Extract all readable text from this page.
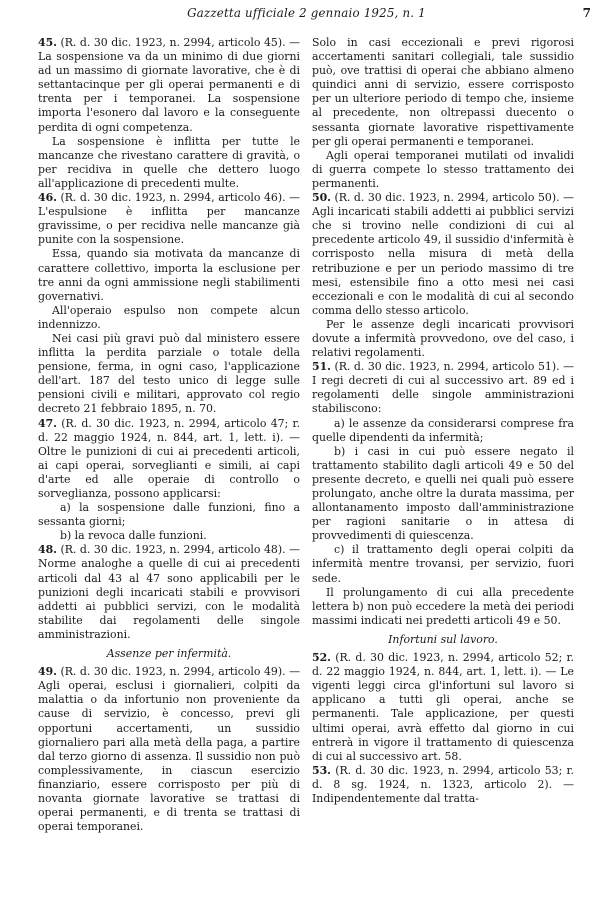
Gazzetta ufficiale 2 gennaio 1925, n. 1	7

45. (R. d. 30 dic. 1923, n. 2994, articolo 45). — La sospensione va da un minimo di due giorni ad un massimo di giornate lavorative, che è di settantacinque per gli operai permanenti e di trenta per i temporanei. La sospensione importa l'esonero dal lavoro e la conseguente perdita di ogni competenza.

La sospensione è inflitta per tutte le mancanze che rivestano carattere di gravità, o per recidiva in quelle che dettero luogo all'applicazione di precedenti multe.

46. (R. d. 30 dic. 1923, n. 2994, articolo 46). — L'espulsione è inflitta per mancanze gravissime, o per recidiva nelle mancanze già punite con la sospensione.

Essa, quando sia motivata da mancanze di carattere collettivo, importa la esclusione per tre anni da ogni ammissione negli stabilimenti governativi.

All'operaio espulso non compete alcun indennizzo.

Nei casi più gravi può dal ministero essere inflitta la perdita parziale o totale della pensione, ferma, in ogni caso, l'applicazione dell'art. 187 del testo unico di legge sulle pensioni civili e militari, approvato col regio decreto 21 febbraio 1895, n. 70.

47. (R. d. 30 dic. 1923, n. 2994, articolo 47; r. d. 22 maggio 1924, n. 844, art. 1, lett. i). — Oltre le punizioni di cui ai precedenti articoli, ai capi operai, sorveglianti e simili, ai capi d'arte ed alle operaie di controllo o sorveglianza, possono applicarsi:

a) la sospensione dalle funzioni, fino a sessanta giorni;

b) la revoca dalle funzioni.

48. (R. d. 30 dic. 1923, n. 2994, articolo 48). — Norme analoghe a quelle di cui ai precedenti articoli dal 43 al 47 sono applicabili per le punizioni degli incaricati stabili e provvisori addetti ai pubblici servizi, con le modalità stabilite dai regolamenti delle singole amministrazioni.

Assenze per infermità.

49. (R. d. 30 dic. 1923, n. 2994, articolo 49). — Agli operai, esclusi i giornalieri, colpiti da malattia o da infortunio non proveniente da cause di servizio, è concesso, previ gli opportuni accertamenti, un sussidio giornaliero pari alla metà della paga, a partire dal terzo giorno di assenza. Il sussidio non può complessivamente, in ciascun esercizio finanziario, essere corrisposto per più di novanta giornate lavorative se trattasi di operai permanenti, e di trenta se trattasi di operai temporanei.

Solo in casi eccezionali e previ rigorosi accertamenti sanitari collegiali, tale sussidio può, ove trattisi di operai che abbiano almeno quindici anni di servizio, essere corrisposto per un ulteriore periodo di tempo che, insieme al precedente, non oltrepassi duecento o sessanta giornate lavorative rispettivamente per gli operai permanenti e temporanei.

Agli operai temporanei mutilati od invalidi di guerra compete lo stesso trattamento dei permanenti.

50. (R. d. 30 dic. 1923, n. 2994, articolo 50). — Agli incaricati stabili addetti ai pubblici servizi che si trovino nelle condizioni di cui al precedente articolo 49, il sussidio d'infermità è corrisposto nella misura di metà della retribuzione e per un periodo massimo di tre mesi, estensibile fino a otto mesi nei casi eccezionali e con le modalità di cui al secondo comma dello stesso articolo.

Per le assenze degli incaricati provvisori dovute a infermità provvedono, ove del caso, i relativi regolamenti.

51. (R. d. 30 dic. 1923, n. 2994, articolo 51). — I regi decreti di cui al successivo art. 89 ed i regolamenti delle singole amministrazioni stabiliscono:

a) le assenze da considerarsi comprese fra quelle dipendenti da infermità;

b) i casi in cui può essere negato il trattamento stabilito dagli articoli 49 e 50 del presente decreto, e quelli nei quali può essere prolungato, anche oltre la durata massima, per allontanamento imposto dall'amministrazione per ragioni sanitarie o in attesa di provvedimenti di quiescenza.

c) il trattamento degli operai colpiti da infermità mentre trovansi, per servizio, fuori sede.

Il prolungamento di cui alla precedente lettera b) non può eccedere la metà dei periodi massimi indicati nei predetti articoli 49 e 50.

Infortuni sul lavoro.

52. (R. d. 30 dic. 1923, n. 2994, articolo 52; r. d. 22 maggio 1924, n. 844, art. 1, lett. i). — Le vigenti leggi circa gl'infortuni sul lavoro si applicano a tutti gli operai, anche se permanenti. Tale applicazione, per questi ultimi operai, avrà effetto dal giorno in cui entrerà in vigore il trattamento di quiescenza di cui al successivo art. 58.

53. (R. d. 30 dic. 1923, n. 2994, articolo 53; r. d. 8 sg. 1924, n. 1323, articolo 2). — Indipendentemente dal tratta-
